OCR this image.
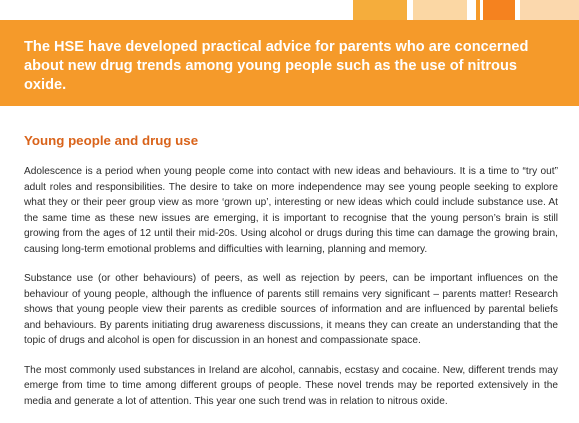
The HSE have developed practical advice for parents who are concerned about new drug trends among young people such as the use of nitrous oxide.

Young people and drug use

Adolescence is a period when young people come into contact with new ideas and behaviours. It is a time to “try out” adult roles and responsibilities. The desire to take on more independence may see young people seeking to explore what they or their peer group view as more ‘grown up’, interesting or new ideas which could include substance use. At the same time as these new issues are emerging, it is important to recognise that the young person’s brain is still growing from the ages of 12 until their mid-20s. Using alcohol or drugs during this time can damage the growing brain, causing long-term emotional problems and difficulties with learning, planning and memory.

Substance use (or other behaviours) of peers, as well as rejection by peers, can be important influences on the behaviour of young people, although the influence of parents still remains very significant – parents matter! Research shows that young people view their parents as credible sources of information and are influenced by parental beliefs and behaviours. By parents initiating drug awareness discussions, it means they can create an understanding that the topic of drugs and alcohol is open for discussion in an honest and compassionate space.

The most commonly used substances in Ireland are alcohol, cannabis, ecstasy and cocaine. New, different trends may emerge from time to time among different groups of people. These novel trends may be reported extensively in the media and generate a lot of attention. This year one such trend was in relation to nitrous oxide.
